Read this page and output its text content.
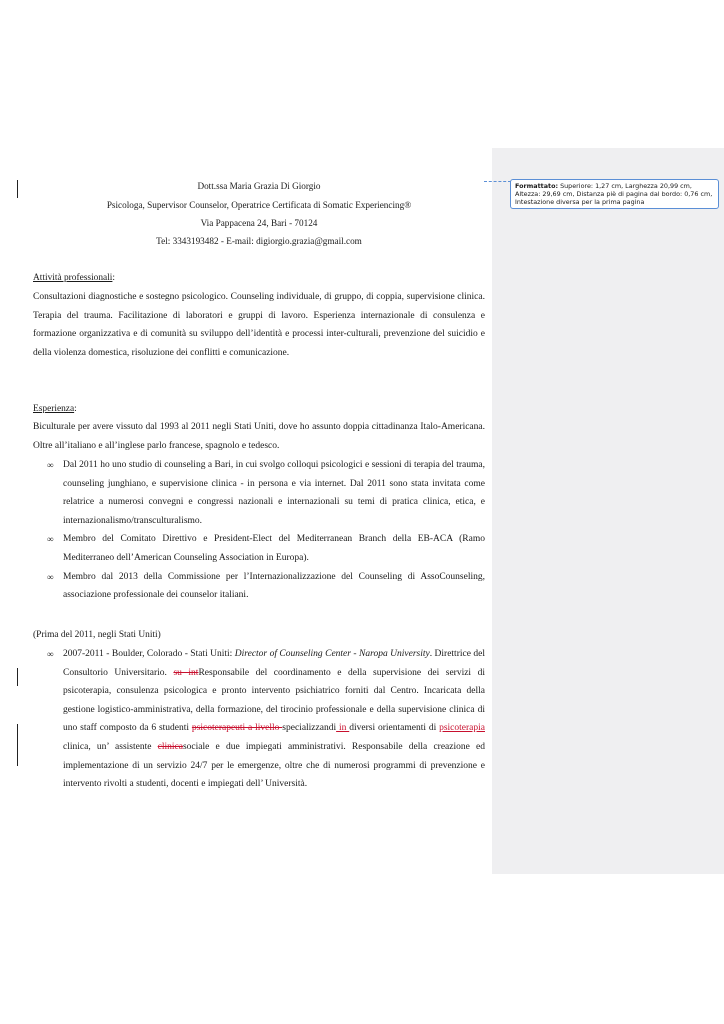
Formattato: Superiore: 1,27 cm, Larghezza 20,99 cm, Altezza: 29,69 cm, Distanza piè di pagina dal bordo: 0,76 cm, Intestazione diversa per la prima pagina
Dott.ssa Maria Grazia Di Giorgio
Psicologa, Supervisor Counselor, Operatrice Certificata di Somatic Experiencing®
Via Pappacena 24, Bari - 70124
Tel: 3343193482 - E-mail: digiorgio.grazia@gmail.com
Attività professionali:
Consultazioni diagnostiche e sostegno psicologico. Counseling individuale, di gruppo, di coppia, supervisione clinica. Terapia del trauma. Facilitazione di laboratori e gruppi di lavoro. Esperienza internazionale di consulenza e formazione organizzativa e di comunità su sviluppo dell’identità e processi inter-culturali, prevenzione del suicidio e della violenza domestica, risoluzione dei conflitti e comunicazione.
Esperienza:
Biculturale per avere vissuto dal 1993 al 2011 negli Stati Uniti, dove ho assunto doppia cittadinanza Italo-Americana. Oltre all’italiano e all’inglese parlo francese, spagnolo e tedesco.
∞ Dal 2011 ho uno studio di counseling a Bari, in cui svolgo colloqui psicologici e sessioni di terapia del trauma, counseling junghiano, e supervisione clinica - in persona e via internet. Dal 2011 sono stata invitata come relatrice a numerosi convegni e congressi nazionali e internazionali su temi di pratica clinica, etica, e internazionalismo/transculturalismo.
∞ Membro del Comitato Direttivo e President-Elect del Mediterranean Branch della EB-ACA (Ramo Mediterraneo dell’American Counseling Association in Europa).
∞ Membro dal 2013 della Commissione per l’Internazionalizzazione del Counseling di AssoCounseling, associazione professionale dei counselor italiani.
(Prima del 2011, negli Stati Uniti)
∞ 2007-2011 - Boulder, Colorado - Stati Uniti: Director of Counseling Center - Naropa University. Direttrice del Consultorio Universitario. su intResponsabile del coordinamento e della supervisione dei servizi di psicoterapia, consulenza psicologica e pronto intervento psichiatrico forniti dal Centro. Incaricata della gestione logistico-amministrativa, della formazione, del tirocinio professionale e della supervisione clinica di uno staff composto da 6 studenti psicoterapeuti a livello specializzandi in diversi orientamenti di psicoterapia clinica, un’ assistente clinicasociale e due impiegati amministrativi. Responsabile della creazione ed implementazione di un servizio 24/7 per le emergenze, oltre che di numerosi programmi di prevenzione e intervento rivolti a studenti, docenti e impiegati dell’ Università.
